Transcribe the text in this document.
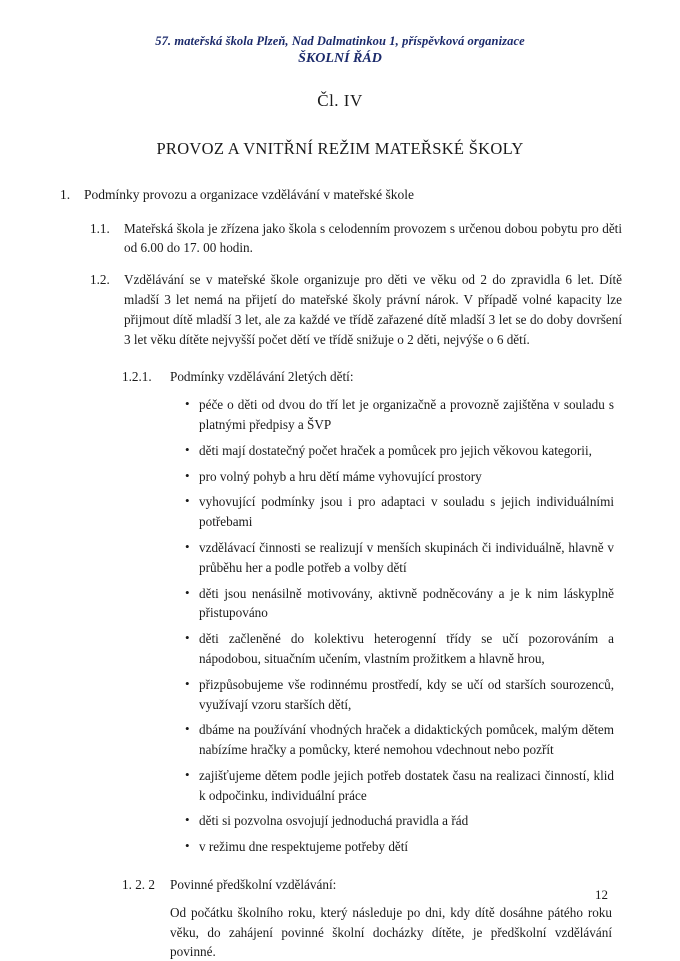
57. mateřská škola Plzeň, Nad Dalmatinkou 1, příspěvková organizace
ŠKOLNÍ ŘÁD
Čl. IV
PROVOZ A VNITŘNÍ REŽIM MATEŘSKÉ ŠKOLY
1.	Podmínky provozu a organizace vzdělávání v mateřské škole
1.1.	Mateřská škola je zřízena jako škola s celodenním provozem s určenou dobou pobytu pro děti od 6.00 do 17. 00 hodin.
1.2.	Vzdělávání se v mateřské škole organizuje pro děti ve věku od 2 do zpravidla 6 let. Dítě mladší 3 let nemá na přijetí do mateřské školy právní nárok. V případě volné kapacity lze přijmout dítě mladší 3 let, ale za každé ve třídě zařazené dítě mladší 3 let se do doby dovršení 3 let věku dítěte nejvyšší počet dětí ve třídě snižuje o 2 děti, nejvýše o 6 dětí.
1.2.1.	Podmínky vzdělávání 2letých dětí:
• péče o děti od dvou do tří let je organizačně a provozně zajištěna v souladu s platnými předpisy a ŠVP
• děti mají dostatečný počet hraček a pomůcek pro jejich věkovou kategorii,
• pro volný pohyb a hru dětí máme vyhovující prostory
• vyhovující podmínky jsou i pro adaptaci v souladu s jejich individuálními potřebami
• vzdělávací činnosti se realizují v menších skupinách či individuálně, hlavně v průběhu her a podle potřeb a volby dětí
• děti jsou nenásilně motivovány, aktivně podněcovány a je k nim láskyplně přistupováno
• děti začleněné do kolektivu heterogenní třídy se učí pozorováním a nápodobou, situačním učením, vlastním prožitkem a hlavně hrou,
• přizpůsobujeme vše rodinnému prostředí, kdy se učí od starších sourozenců, využívají vzoru starších dětí,
• dbáme na používání vhodných hraček a didaktických pomůcek, malým dětem nabízíme hračky a pomůcky, které nemohou vdechnout nebo pozřít
• zajišťujeme dětem podle jejich potřeb dostatek času na realizaci činností, klid k odpočinku, individuální práce
• děti si pozvolna osvojují jednoduchá pravidla a řád
• v režimu dne respektujeme potřeby dětí
1. 2. 2	Povinné předškolní vzdělávání:

Od počátku školního roku, který následuje po dni, kdy dítě dosáhne pátého roku věku, do zahájení povinné školní docházky dítěte, je předškolní vzdělávání povinné.

12
